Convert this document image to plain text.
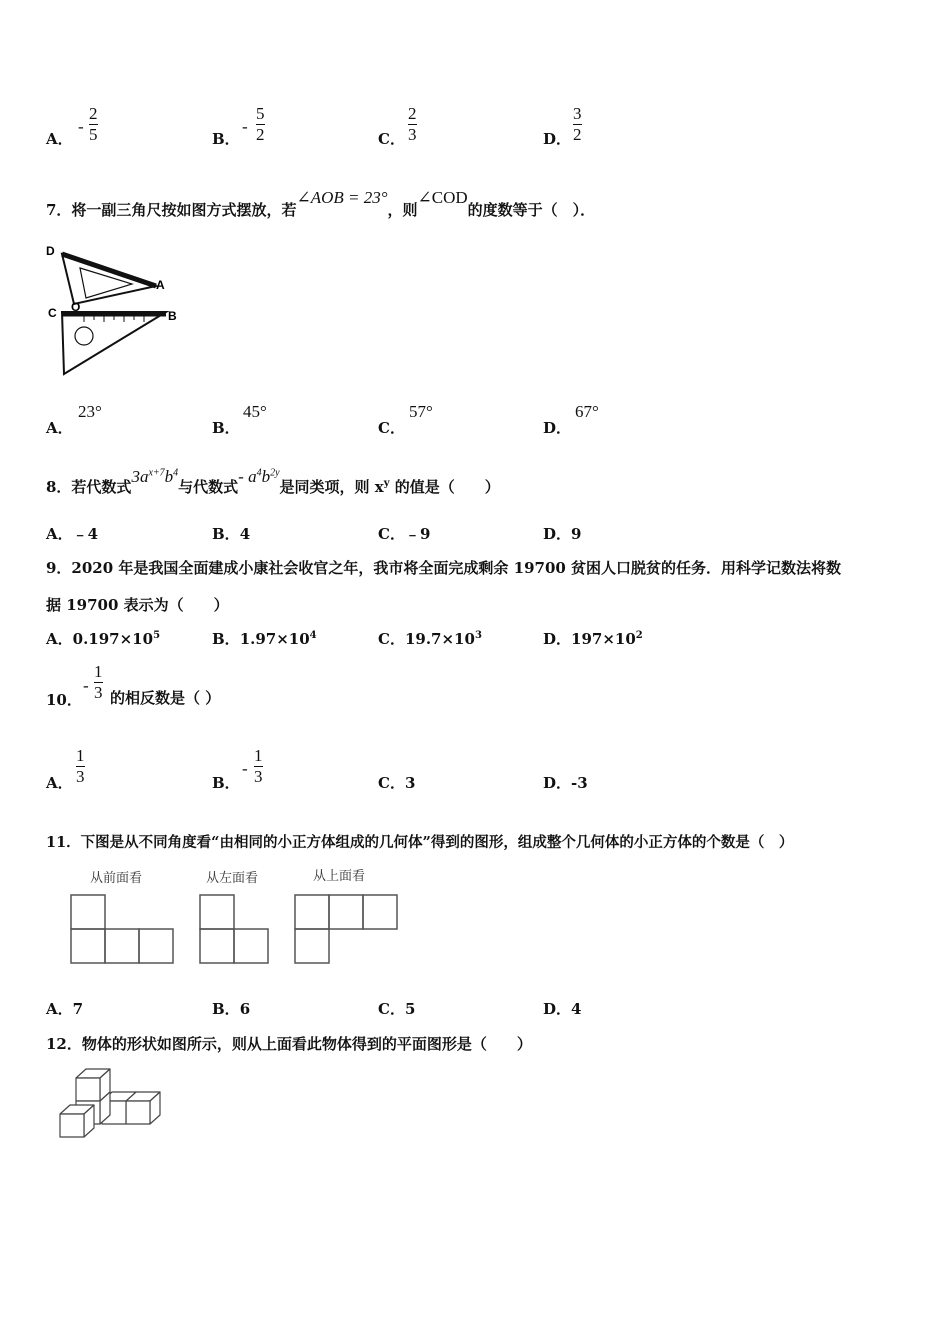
A．
-
2
5	B．
-
5
2	C．
2
3	D．
3
2
7．将一副三角尺按如图方式摆放，若∠AOB = 23°，则∠COD的度数等于（　）．
D
A
C O
B
A．
23°
B．
45°
C．
57°
D．
67°
8．若代数式$3a^{x+7}b^4$与代数式- $a^4b^{2y}$是同类项，则 $x^y$ 的值是（　　）
A．﹣4	B．4	C．﹣9	D．9
9．2020 年是我国全面建成小康社会收官之年，我市将全面完成剩余 19700 贫困人口脱贫的任务．用科学记数法将数
据 19700 表示为（　　）
A．$0.197\times 10^5$	B．$1.97\times 10^4$	C．$19.7\times 10^3$	D．$197\times 10^2$
10．
-
1
3 的相反数是（ ）
A．
1
3	B．
-
1
3	C．3	D．-3
11．下图是从不同角度看“由相同的小正方体组成的几何体”得到的图形，组成整个几何体的小正方体的个数是（　）
从前面看	从左面看	从上面看
A．7	B．6	C．5	D．4
12．物体的形状如图所示，则从上面看此物体得到的平面图形是（　　）
